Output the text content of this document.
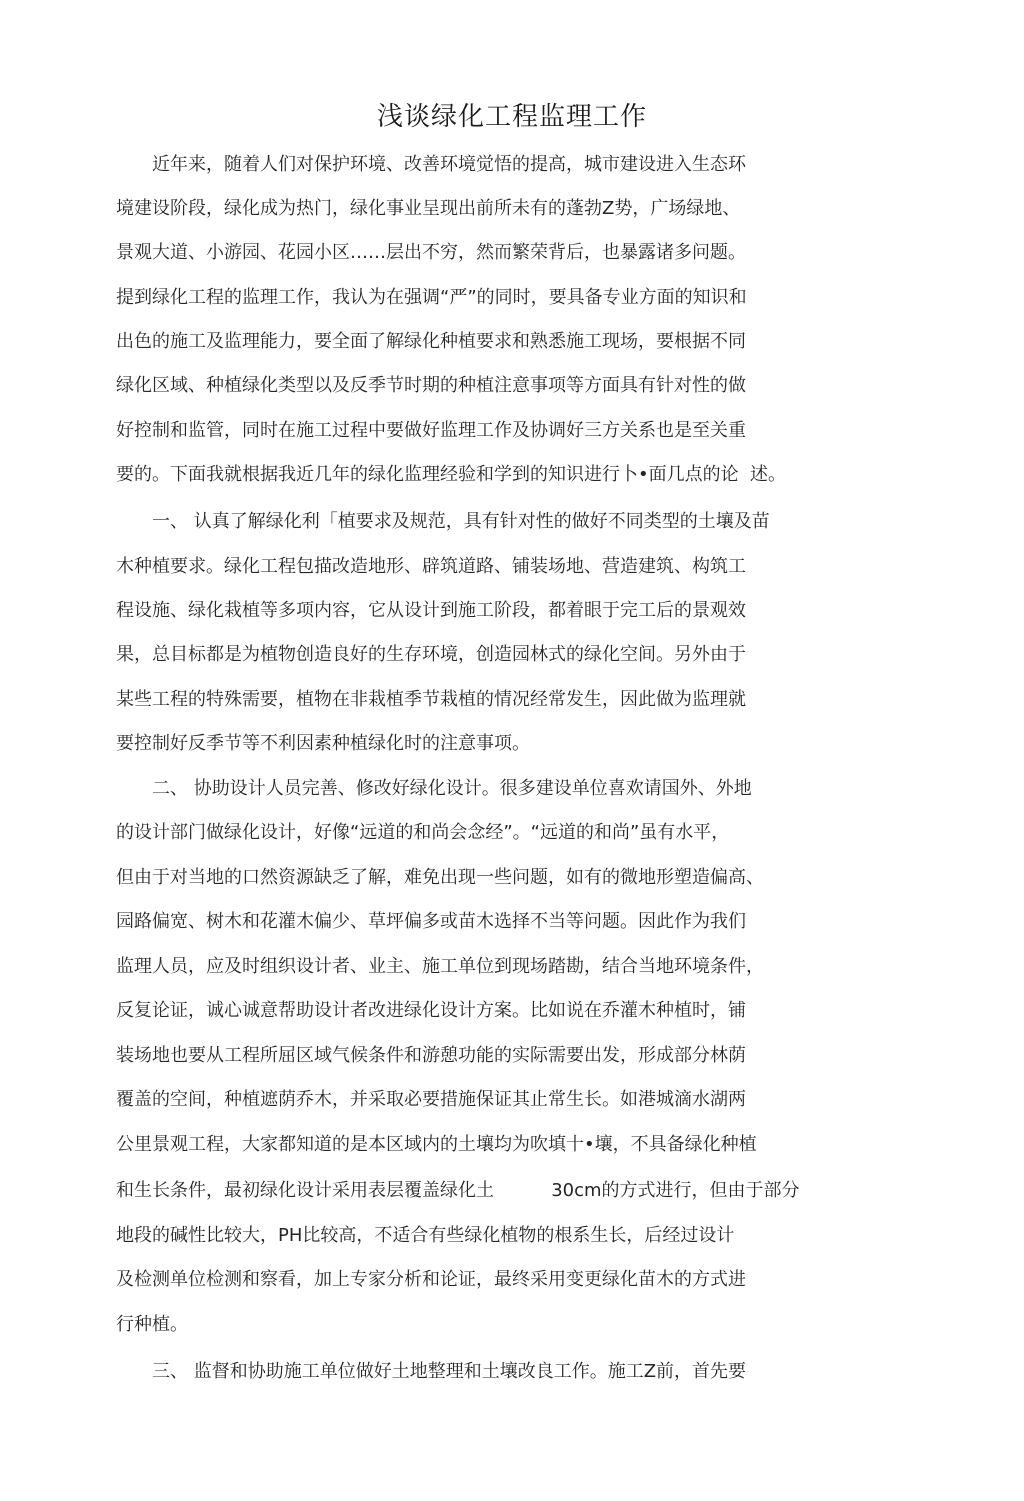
浅谈绿化工程监理工作
　　近年来，随着人们对保护环境、改善环境觉悟的提高，城市建设进入生态环
境建设阶段，绿化成为热门，绿化事业呈现出前所未有的蓬勃Z势，广场绿地、
景观大道、小游园、花园小区……层出不穷，然而繁荣背后，也暴露诸多问题。
提到绿化工程的监理工作，我认为在强调“严”的同时，要具备专业方面的知识和
出色的施工及监理能力，要全面了解绿化种植要求和熟悉施工现场，要根据不同
绿化区域、种植绿化类型以及反季节时期的种植注意事项等方面具有针对性的做
好控制和监管，同时在施工过程中要做好监理工作及协调好三方关系也是至关重
要的。下面我就根据我近几年的绿化监理经验和学到的知识进行卜•面几点的论  述。
　　一、 认真了解绿化利「植要求及规范，具有针对性的做好不同类型的土壤及苗
木种植要求。绿化工程包描改造地形、辟筑道路、铺装场地、营造建筑、构筑工
程设施、绿化栽植等多项内容，它从设计到施工阶段，都着眼于完工后的景观效
果，总目标都是为植物创造良好的生存环境，创造园林式的绿化空间。另外由于
某些工程的特殊需要，植物在非栽植季节栽植的情况经常发生，因此做为监理就
要控制好反季节等不利因素种植绿化时的注意事项。
　　二、 协助设计人员完善、修改好绿化设计。很多建设单位喜欢请国外、外地
的设计部门做绿化设计，好像“远道的和尚会念经”。“远道的和尚”虽有水平，
但由于对当地的口然资源缺乏了解，难免出现一些问题，如有的微地形塑造偏高、
园路偏宽、树木和花灌木偏少、草坪偏多或苗木选择不当等问题。因此作为我们
监理人员，应及时组织设计者、业主、施工单位到现场踏勘，结合当地环境条件，
反复论证，诚心诚意帮助设计者改进绿化设计方案。比如说在乔灌木种植时，铺
装场地也要从工程所屈区域气候条件和游憩功能的实际需要出发，形成部分林荫
覆盖的空间，种植遮荫乔木，并采取必要措施保证其止常生长。如港城滴水湖两
公里景观工程，大家都知道的是本区域内的土壤均为吹填十•壤，不具备绿化种植
和生长条件，最初绿化设计采用表层覆盖绿化土          30cm的方式进行，但由于部分
地段的碱性比较大，PH比较高，不适合有些绿化植物的根系生长，后经过设计
及检测单位检测和察看，加上专家分析和论证，最终采用变更绿化苗木的方式进
行种植。
　　三、 监督和协助施工单位做好土地整理和土壤改良工作。施工Z前，首先要
